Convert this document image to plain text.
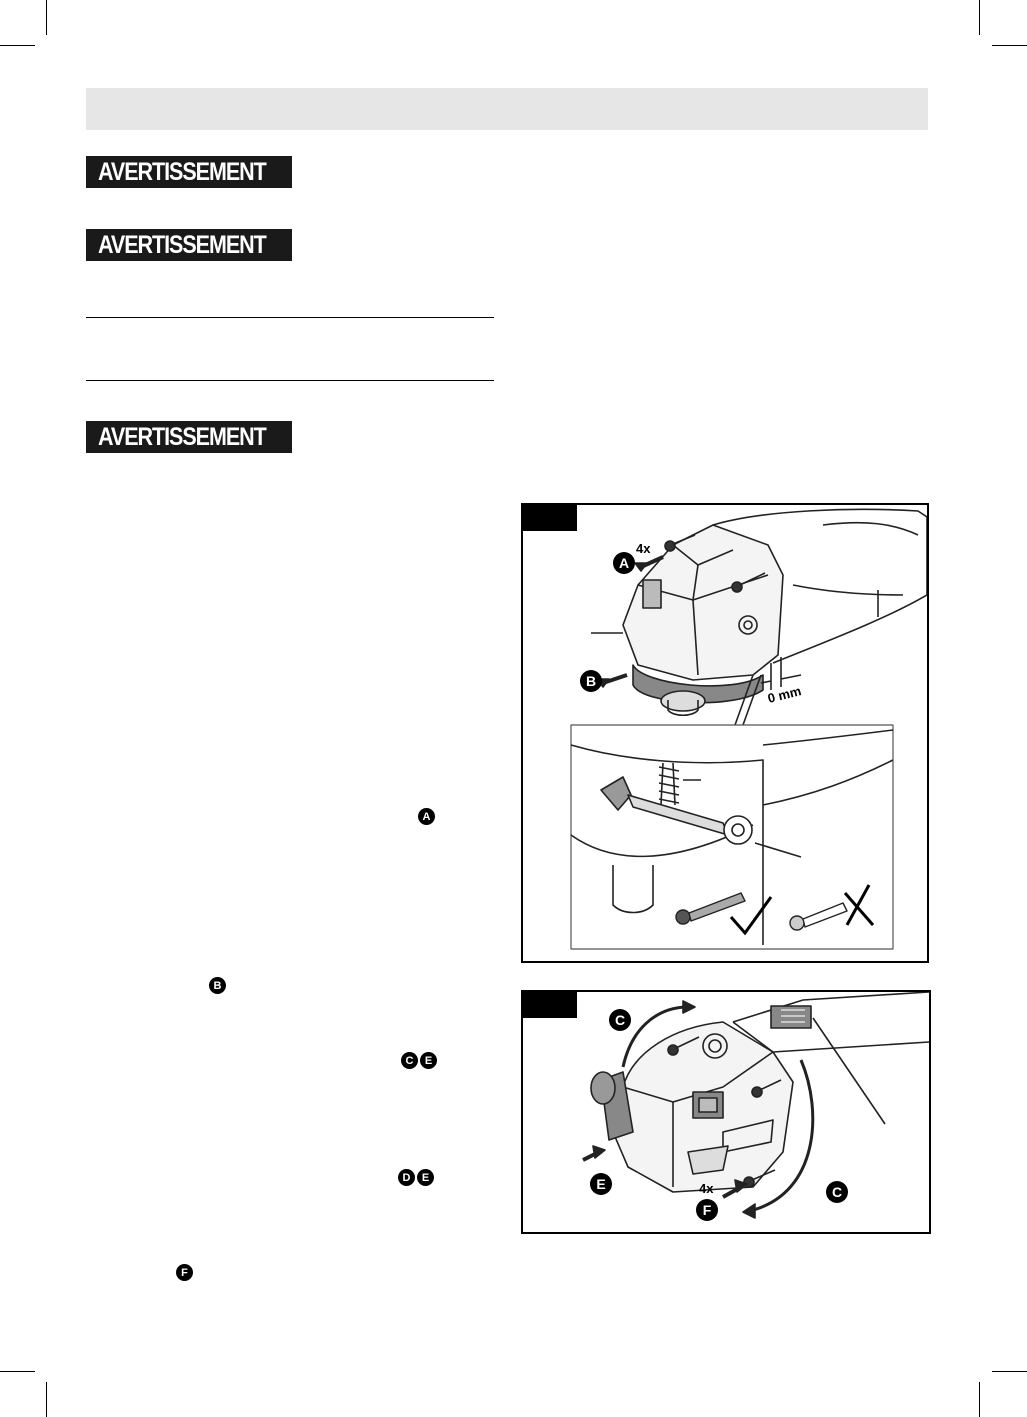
AVERTISSEMENT
AVERTISSEMENT
AVERTISSEMENT
A
B
C	E
D	E
F
A
B
4x
0 mm
C
C
E
F
4x
